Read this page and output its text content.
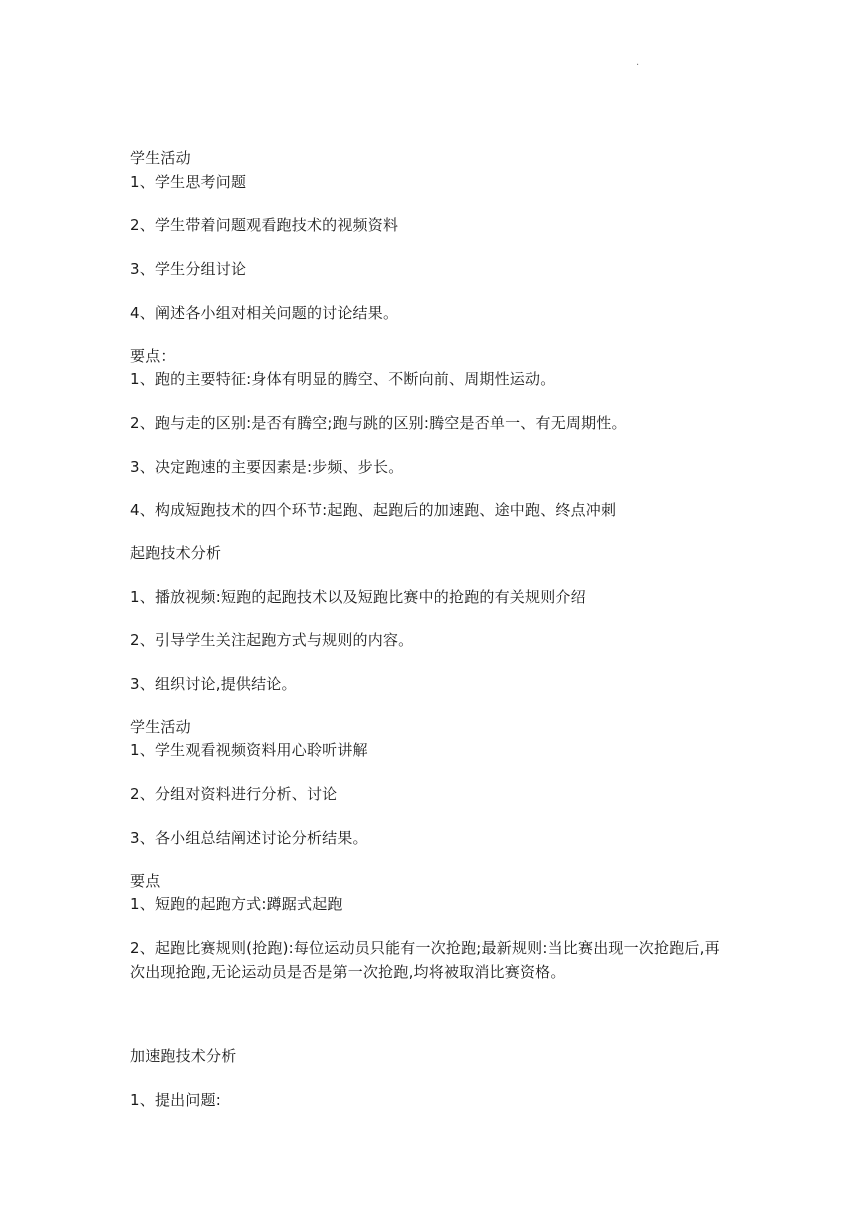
·
学生活动
1、学生思考问题
2、学生带着问题观看跑技术的视频资料
3、学生分组讨论
4、阐述各小组对相关问题的讨论结果。
要点：
1、跑的主要特征:身体有明显的腾空、不断向前、周期性运动。
2、跑与走的区别:是否有腾空;跑与跳的区别:腾空是否单一、有无周期性。
3、决定跑速的主要因素是:步频、步长。
4、构成短跑技术的四个环节:起跑、起跑后的加速跑、途中跑、终点冲刺
起跑技术分析
1、播放视频:短跑的起跑技术以及短跑比赛中的抢跑的有关规则介绍
2、引导学生关注起跑方式与规则的内容。
3、组织讨论,提供结论。
学生活动
1、学生观看视频资料用心聆听讲解
2、分组对资料进行分析、讨论
3、各小组总结阐述讨论分析结果。
要点
1、短跑的起跑方式:蹲踞式起跑
2、起跑比赛规则(抢跑):每位运动员只能有一次抢跑;最新规则:当比赛出现一次抢跑后,再次出现抢跑,无论运动员是否是第一次抢跑,均将被取消比赛资格。
加速跑技术分析
1、提出问题:
